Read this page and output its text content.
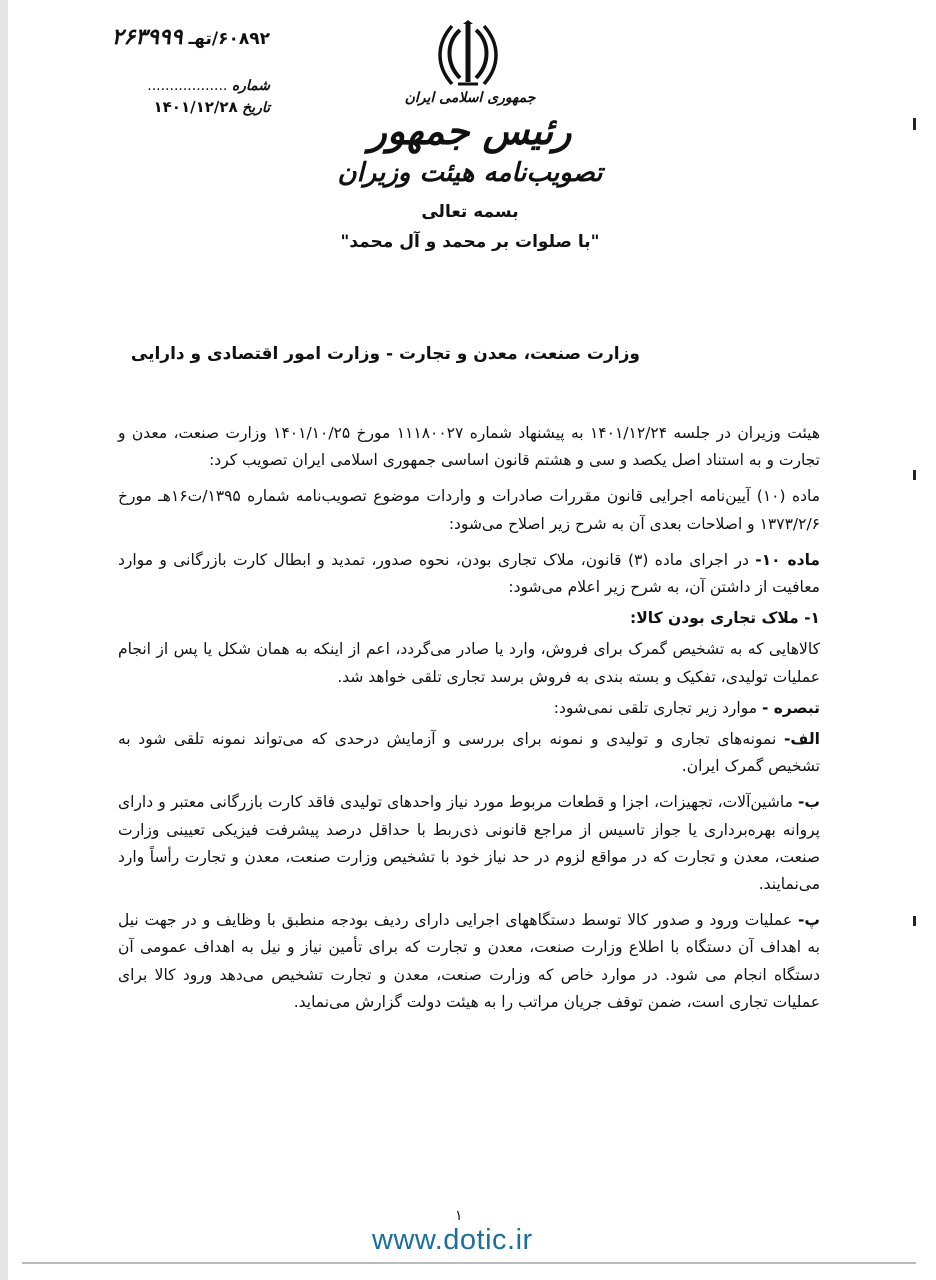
۶۰۸۹۲/تهـ ۲۶۳۹۹۹
شماره ..................
تاریخ ۱۴۰۱/۱۲/۲۸	جمهوری اسلامی ایران
رئیس جمهور
تصویب‌نامه هیئت وزیران
بسمه تعالی
"با صلوات بر محمد و آل محمد"
وزارت صنعت، معدن و تجارت - وزارت امور اقتصادی و دارایی

هیئت وزیران در جلسه ۱۴۰۱/۱۲/۲۴ به پیشنهاد شماره ۱۱۱۸۰۰۲۷ مورخ ۱۴۰۱/۱۰/۲۵ وزارت صنعت، معدن و تجارت و به استناد اصل یکصد و سی و هشتم قانون اساسی جمهوری اسلامی ایران تصویب کرد:

ماده (۱۰) آیین‌نامه اجرایی قانون مقررات صادرات و واردات موضوع تصویب‌نامه شماره ۱۳۹۵/ت۱۶هـ مورخ ۱۳۷۳/۲/۶ و اصلاحات بعدی آن به شرح زیر اصلاح می‌شود:

ماده ۱۰- در اجرای ماده (۳) قانون، ملاک تجاری بودن، نحوه صدور، تمدید و ابطال کارت بازرگانی و موارد معافیت از داشتن آن، به شرح زیر اعلام می‌شود:

۱- ملاک تجاری بودن کالا:

کالاهایی که به تشخیص گمرک برای فروش، وارد یا صادر می‌گردد، اعم از اینکه به همان شکل یا پس از انجام عملیات تولیدی، تفکیک و بسته بندی به فروش برسد تجاری تلقی خواهد شد.

تبصره - موارد زیر تجاری تلقی نمی‌شود:

الف- نمونه‌های تجاری و تولیدی و نمونه برای بررسی و آزمایش درحدی که می‌تواند نمونه تلقی شود به تشخیص گمرک ایران.

ب- ماشین‌آلات، تجهیزات، اجزا و قطعات مربوط مورد نیاز واحدهای تولیدی فاقد کارت بازرگانی معتبر و دارای پروانه بهره‌برداری یا جواز تاسیس از مراجع قانونی ذی‌ربط با حداقل درصد پیشرفت فیزیکی تعیینی وزارت صنعت، معدن و تجارت که در مواقع لزوم در حد نیاز خود با تشخیص وزارت صنعت، معدن و تجارت رأساً وارد می‌نمایند.

پ- عملیات ورود و صدور کالا توسط دستگاههای اجرایی دارای ردیف بودجه منطبق با وظایف و در جهت نیل به اهداف آن دستگاه با اطلاع وزارت صنعت، معدن و تجارت که برای تأمین نیاز و نیل به اهداف عمومی آن دستگاه انجام می شود. در موارد خاص که وزارت صنعت، معدن و تجارت تشخیص می‌دهد ورود کالا برای عملیات تجاری است، ضمن توقف جریان مراتب را به هیئت دولت گزارش می‌نماید.

۱
www.dotic.ir
